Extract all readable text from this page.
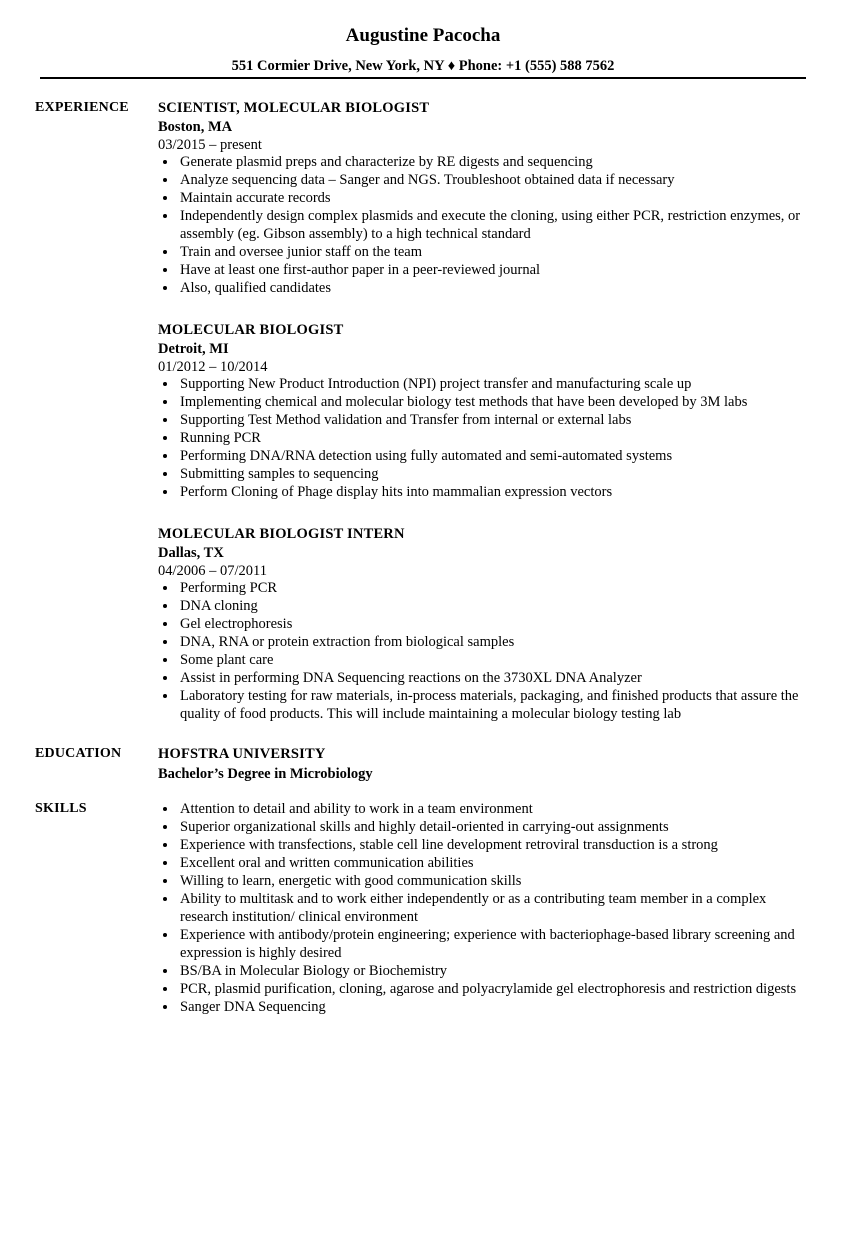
Augustine Pacocha
551 Cormier Drive, New York, NY ♦ Phone: +1 (555) 588 7562
EXPERIENCE SCIENTIST, MOLECULAR BIOLOGIST
Boston, MA
03/2015 – present
Generate plasmid preps and characterize by RE digests and sequencing
Analyze sequencing data – Sanger and NGS. Troubleshoot obtained data if necessary
Maintain accurate records
Independently design complex plasmids and execute the cloning, using either PCR, restriction enzymes, or assembly (eg. Gibson assembly) to a high technical standard
Train and oversee junior staff on the team
Have at least one first-author paper in a peer-reviewed journal
Also, qualified candidates
MOLECULAR BIOLOGIST
Detroit, MI
01/2012 – 10/2014
Supporting New Product Introduction (NPI) project transfer and manufacturing scale up
Implementing chemical and molecular biology test methods that have been developed by 3M labs
Supporting Test Method validation and Transfer from internal or external labs
Running PCR
Performing DNA/RNA detection using fully automated and semi-automated systems
Submitting samples to sequencing
Perform Cloning of Phage display hits into mammalian expression vectors
MOLECULAR BIOLOGIST INTERN
Dallas, TX
04/2006 – 07/2011
Performing PCR
DNA cloning
Gel electrophoresis
DNA, RNA or protein extraction from biological samples
Some plant care
Assist in performing DNA Sequencing reactions on the 3730XL DNA Analyzer
Laboratory testing for raw materials, in-process materials, packaging, and finished products that assure the quality of food products. This will include maintaining a molecular biology testing lab
EDUCATION	HOFSTRA UNIVERSITY
Bachelor’s Degree in Microbiology
SKILLS	Attention to detail and ability to work in a team environment
Superior organizational skills and highly detail-oriented in carrying-out assignments
Experience with transfections, stable cell line development retroviral transduction is a strong
Excellent oral and written communication abilities
Willing to learn, energetic with good communication skills
Ability to multitask and to work either independently or as a contributing team member in a complex research institution/ clinical environment
Experience with antibody/protein engineering; experience with bacteriophage-based library screening and expression is highly desired
BS/BA in Molecular Biology or Biochemistry
PCR, plasmid purification, cloning, agarose and polyacrylamide gel electrophoresis and restriction digests
Sanger DNA Sequencing
